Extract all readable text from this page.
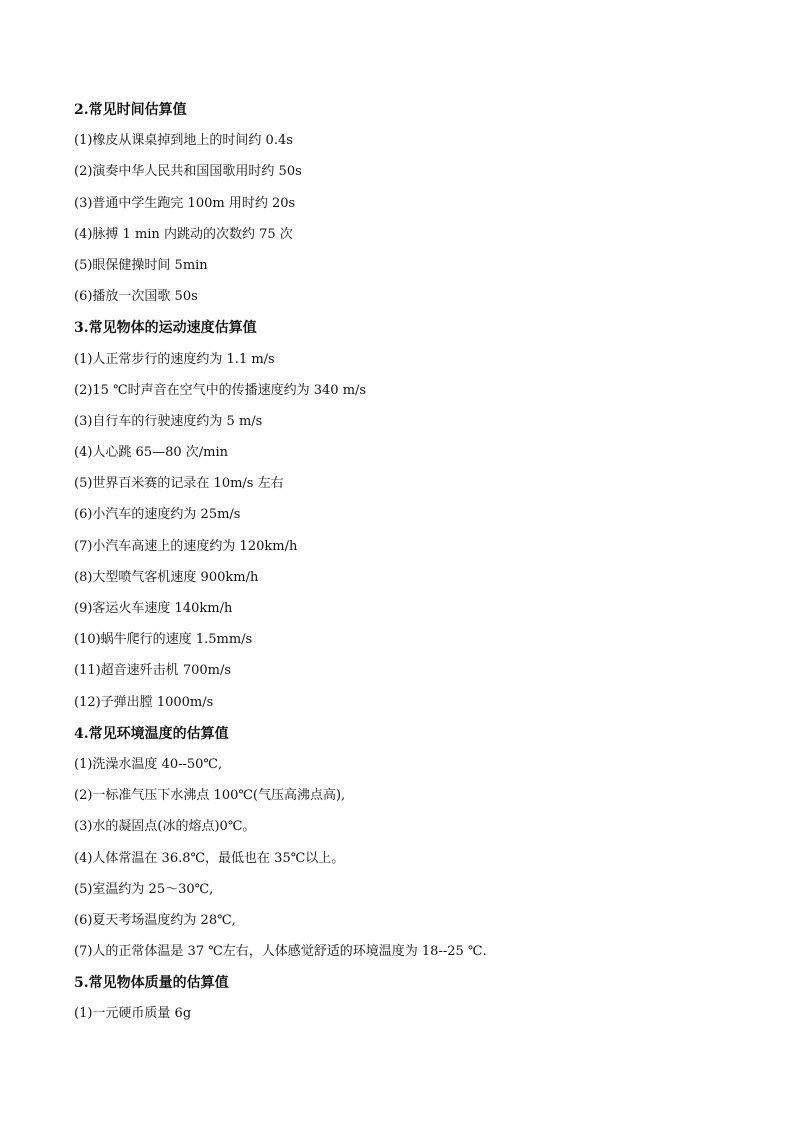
2.常见时间估算值
(1)橡皮从课桌掉到地上的时间约 0.4s
(2)演奏中华人民共和国国歌用时约 50s
(3)普通中学生跑完 100m 用时约 20s
(4)脉搏 1 min 内跳动的次数约 75 次
(5)眼保健操时间 5min
(6)播放一次国歌 50s
3.常见物体的运动速度估算值
(1)人正常步行的速度约为 1.1 m/s
(2)15 ℃时声音在空气中的传播速度约为 340 m/s
(3)自行车的行驶速度约为 5 m/s
(4)人心跳 65—80 次/min
(5)世界百米赛的记录在 10m/s 左右
(6)小汽车的速度约为 25m/s
(7)小汽车高速上的速度约为 120km/h
(8)大型喷气客机速度 900km/h
(9)客运火车速度 140km/h
(10)蜗牛爬行的速度 1.5mm/s
(11)超音速歼击机 700m/s
(12)子弹出膛 1000m/s
4.常见环境温度的估算值
(1)洗澡水温度 40--50℃,
(2)一标准气压下水沸点 100℃(气压高沸点高),
(3)水的凝固点(冰的熔点)0℃。
(4)人体常温在 36.8℃，最低也在 35℃以上。
(5)室温约为 25～30℃,
(6)夏天考场温度约为 28℃,
(7)人的正常体温是 37 ℃左右，人体感觉舒适的环境温度为 18--25 ℃.
5.常见物体质量的估算值
(1)一元硬币质量 6g
